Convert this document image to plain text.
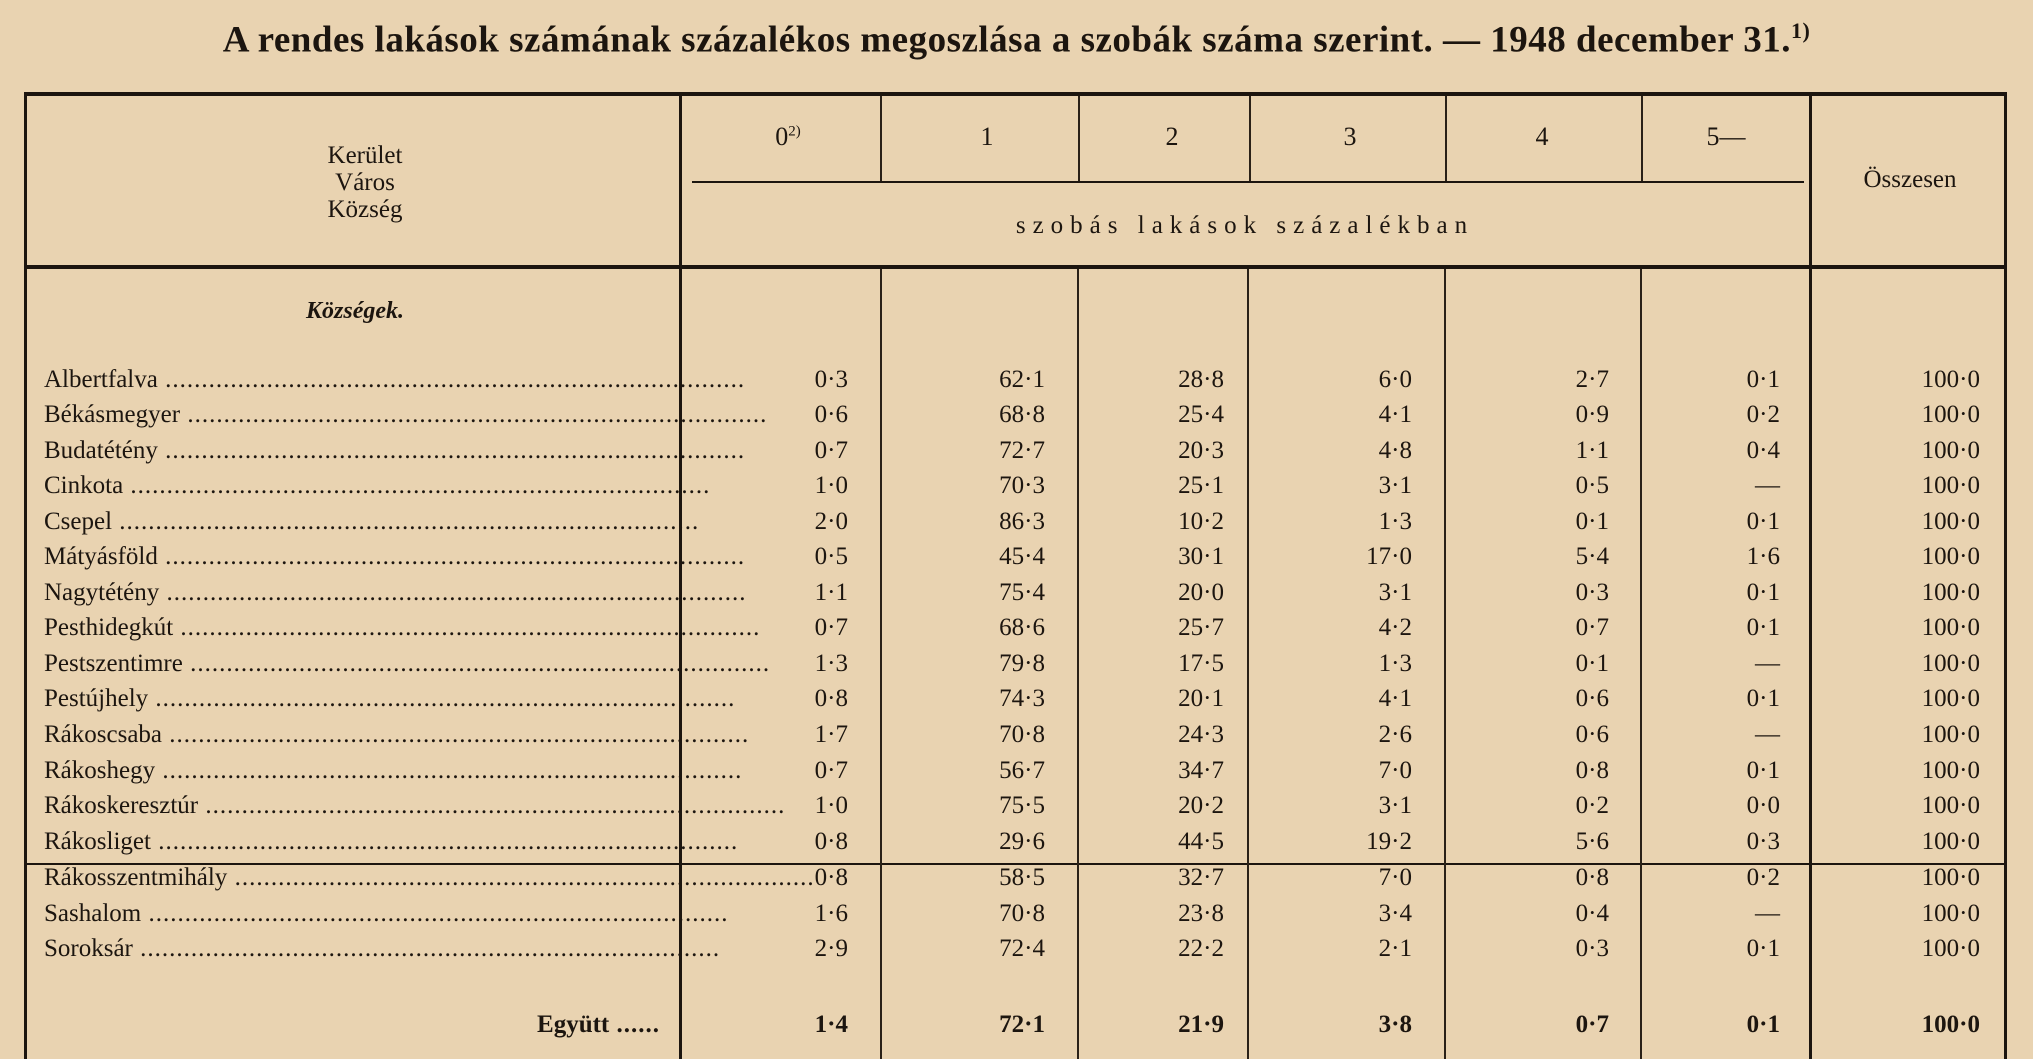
A rendes lakások számának százalékos megoszlása a szobák száma szerint. — 1948 december 31.$^{1)}$
Kerület
Város
Község
0$^{2)}$	1	2	3	4	5—
szobás lakások százalékban
Összesen
Községek.
Albertfalva ................................................................................	0·3	62·1	28·8	6·0	2·7	0·1	100·0
Békásmegyer ................................................................................	0·6	68·8	25·4	4·1	0·9	0·2	100·0
Budatétény ................................................................................	0·7	72·7	20·3	4·8	1·1	0·4	100·0
Cinkota ................................................................................	1·0	70·3	25·1	3·1	0·5	—	100·0
Csepel ................................................................................	2·0	86·3	10·2	1·3	0·1	0·1	100·0
Mátyásföld ................................................................................	0·5	45·4	30·1	17·0	5·4	1·6	100·0
Nagytétény ................................................................................	1·1	75·4	20·0	3·1	0·3	0·1	100·0
Pesthidegkút ................................................................................	0·7	68·6	25·7	4·2	0·7	0·1	100·0
Pestszentimre ................................................................................	1·3	79·8	17·5	1·3	0·1	—	100·0
Pestújhely ................................................................................	0·8	74·3	20·1	4·1	0·6	0·1	100·0
Rákoscsaba ................................................................................	1·7	70·8	24·3	2·6	0·6	—	100·0
Rákoshegy ................................................................................	0·7	56·7	34·7	7·0	0·8	0·1	100·0
Rákoskeresztúr ................................................................................	1·0	75·5	20·2	3·1	0·2	0·0	100·0
Rákosliget ................................................................................	0·8	29·6	44·5	19·2	5·6	0·3	100·0
Rákosszentmihály ................................................................................ 0·8	58·5	32·7	7·0	0·8	0·2	100·0
Sashalom ................................................................................	1·6	70·8	23·8	3·4	0·4	—	100·0
Soroksár ................................................................................	2·9	72·4	22·2	2·1	0·3	0·1	100·0
Együtt ......	1·4	72·1	21·9	3·8	0·7	0·1	100·0
